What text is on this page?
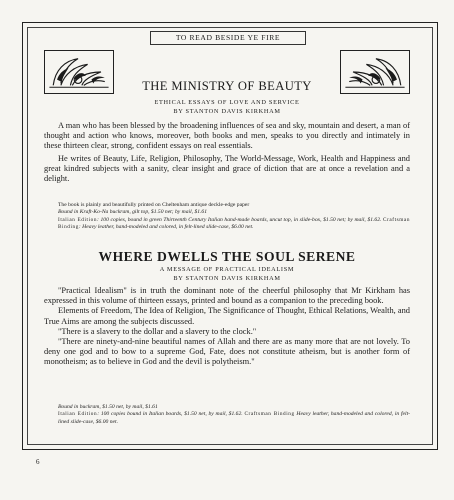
TO READ BESIDE YE FIRE
THE MINISTRY OF BEAUTY
ETHICAL ESSAYS OF LOVE AND SERVICE
BY STANTON DAVIS KIRKHAM

A man who has been blessed by the broadening influences of sea and sky, mountain and desert, a man of thought and action who knows, moreover, both books and men, speaks to you directly and intimately in these thirteen clear, strong, confident essays on real essentials.

He writes of Beauty, Life, Religion, Philosophy, The World-Message, Work, Health and Happiness and great kindred subjects with a sanity, clear insight and grace of diction that are at once a revelation and a delight.

The book is plainly and beautifully printed on Cheltenham antique deckle-edge paper

Bound in Kraft-Ko-Na buckram, gilt top, $1.50 net; by mail, $1.61

Italian Edition: 100 copies, bound in green Thirteenth Century Italian hand-made boards, uncut top, in slide-box, $1.50 net; by mail, $1.62. Craftsman Binding: Heavy leather, hand-modeled and colored, in felt-lined slide-case, $6.00 net.

WHERE DWELLS THE SOUL SERENE
A MESSAGE OF PRACTICAL IDEALISM
BY STANTON DAVIS KIRKHAM

"Practical Idealism" is in truth the dominant note of the cheerful philosophy that Mr Kirkham has expressed in this volume of thirteen essays, printed and bound as a companion to the preceding book.

Elements of Freedom, The Idea of Religion, The Significance of Thought, Ethical Relations, Wealth, and True Aims are among the subjects discussed.

"There is a slavery to the dollar and a slavery to the clock."

"There are ninety-and-nine beautiful names of Allah and there are as many more that are not lovely. To deny one god and to bow to a supreme God, Fate, does not constitute atheism, but is another form of monotheism; as to believe in God and the devil is polytheism."

Bound in buckram, $1.50 net, by mail, $1.61

Italian Edition: 100 copies bound in Italian boards, $1.50 net, by mail, $1.62. Craftsman Binding Heavy leather, hand-modeled and colored, in felt-lined slide-case, $6.00 net.

6
